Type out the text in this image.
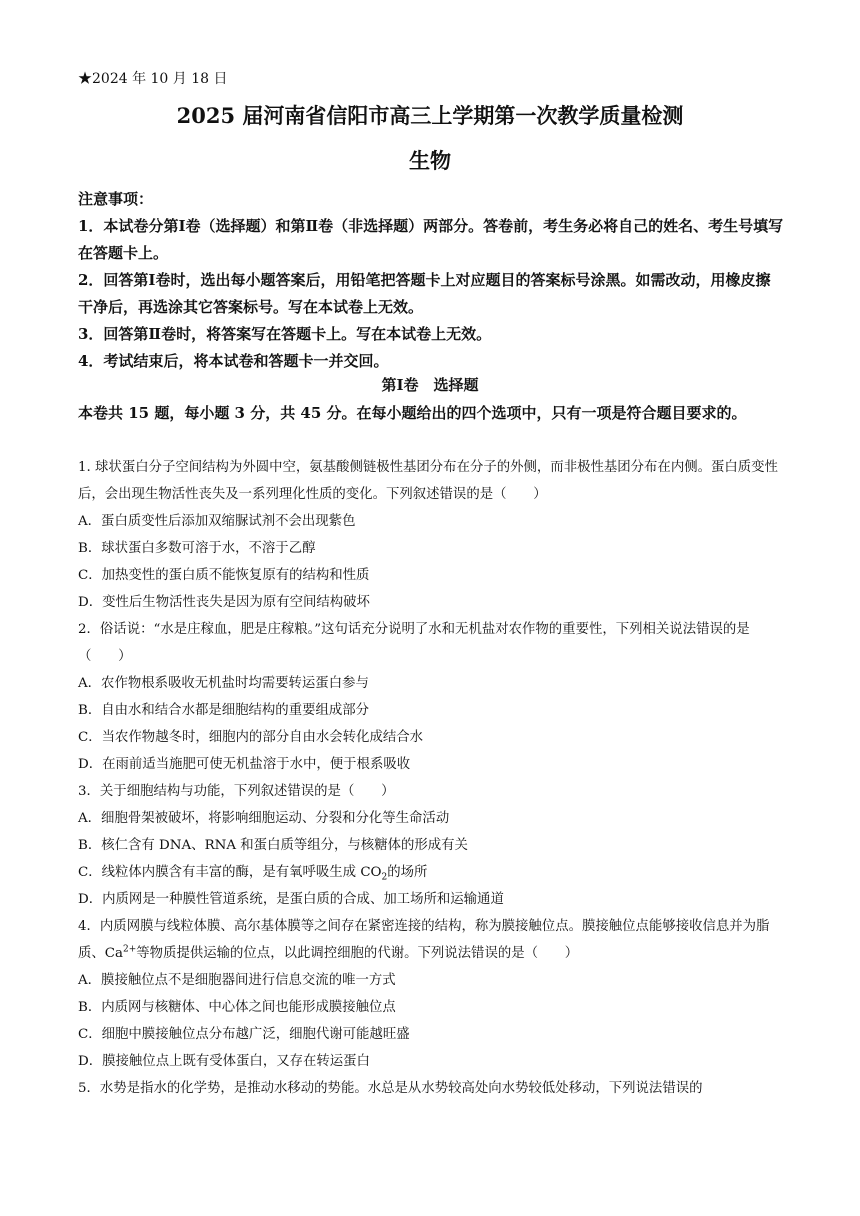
★2024 年 10 月 18 日
2025 届河南省信阳市高三上学期第一次教学质量检测
生物

注意事项：

1．本试卷分第Ⅰ卷（选择题）和第Ⅱ卷（非选择题）两部分。答卷前，考生务必将自己的姓名、考生号填写在答题卡上。

2．回答第Ⅰ卷时，选出每小题答案后，用铅笔把答题卡上对应题目的答案标号涂黑。如需改动，用橡皮擦干净后，再选涂其它答案标号。写在本试卷上无效。

3．回答第Ⅱ卷时，将答案写在答题卡上。写在本试卷上无效。

4．考试结束后，将本试卷和答题卡一并交回。

第Ⅰ卷　选择题

本卷共 15 题，每小题 3 分，共 45 分。在每小题给出的四个选项中，只有一项是符合题目要求的。

1. 球状蛋白分子空间结构为外圆中空，氨基酸侧链极性基团分布在分子的外侧，而非极性基团分布在内侧。蛋白质变性后，会出现生物活性丧失及一系列理化性质的变化。下列叙述错误的是（　　）

A．蛋白质变性后添加双缩脲试剂不会出现紫色

B．球状蛋白多数可溶于水，不溶于乙醇

C．加热变性的蛋白质不能恢复原有的结构和性质

D．变性后生物活性丧失是因为原有空间结构破坏

2．俗话说：“水是庄稼血，肥是庄稼粮。”这句话充分说明了水和无机盐对农作物的重要性，下列相关说法错误的是（　　）

A．农作物根系吸收无机盐时均需要转运蛋白参与

B．自由水和结合水都是细胞结构的重要组成部分

C．当农作物越冬时，细胞内的部分自由水会转化成结合水

D．在雨前适当施肥可使无机盐溶于水中，便于根系吸收

3．关于细胞结构与功能，下列叙述错误的是（　　）

A．细胞骨架被破坏，将影响细胞运动、分裂和分化等生命活动

B．核仁含有 DNA、RNA 和蛋白质等组分，与核糖体的形成有关

C．线粒体内膜含有丰富的酶，是有氧呼吸生成 $CO_2$的场所

D．内质网是一种膜性管道系统，是蛋白质的合成、加工场所和运输通道

4．内质网膜与线粒体膜、高尔基体膜等之间存在紧密连接的结构，称为膜接触位点。膜接触位点能够接收信息并为脂质、$Ca^{2+}$等物质提供运输的位点，以此调控细胞的代谢。下列说法错误的是（　　）

A．膜接触位点不是细胞器间进行信息交流的唯一方式

B．内质网与核糖体、中心体之间也能形成膜接触位点

C．细胞中膜接触位点分布越广泛，细胞代谢可能越旺盛

D．膜接触位点上既有受体蛋白，又存在转运蛋白

5．水势是指水的化学势，是推动水移动的势能。水总是从水势较高处向水势较低处移动，下列说法错误的
